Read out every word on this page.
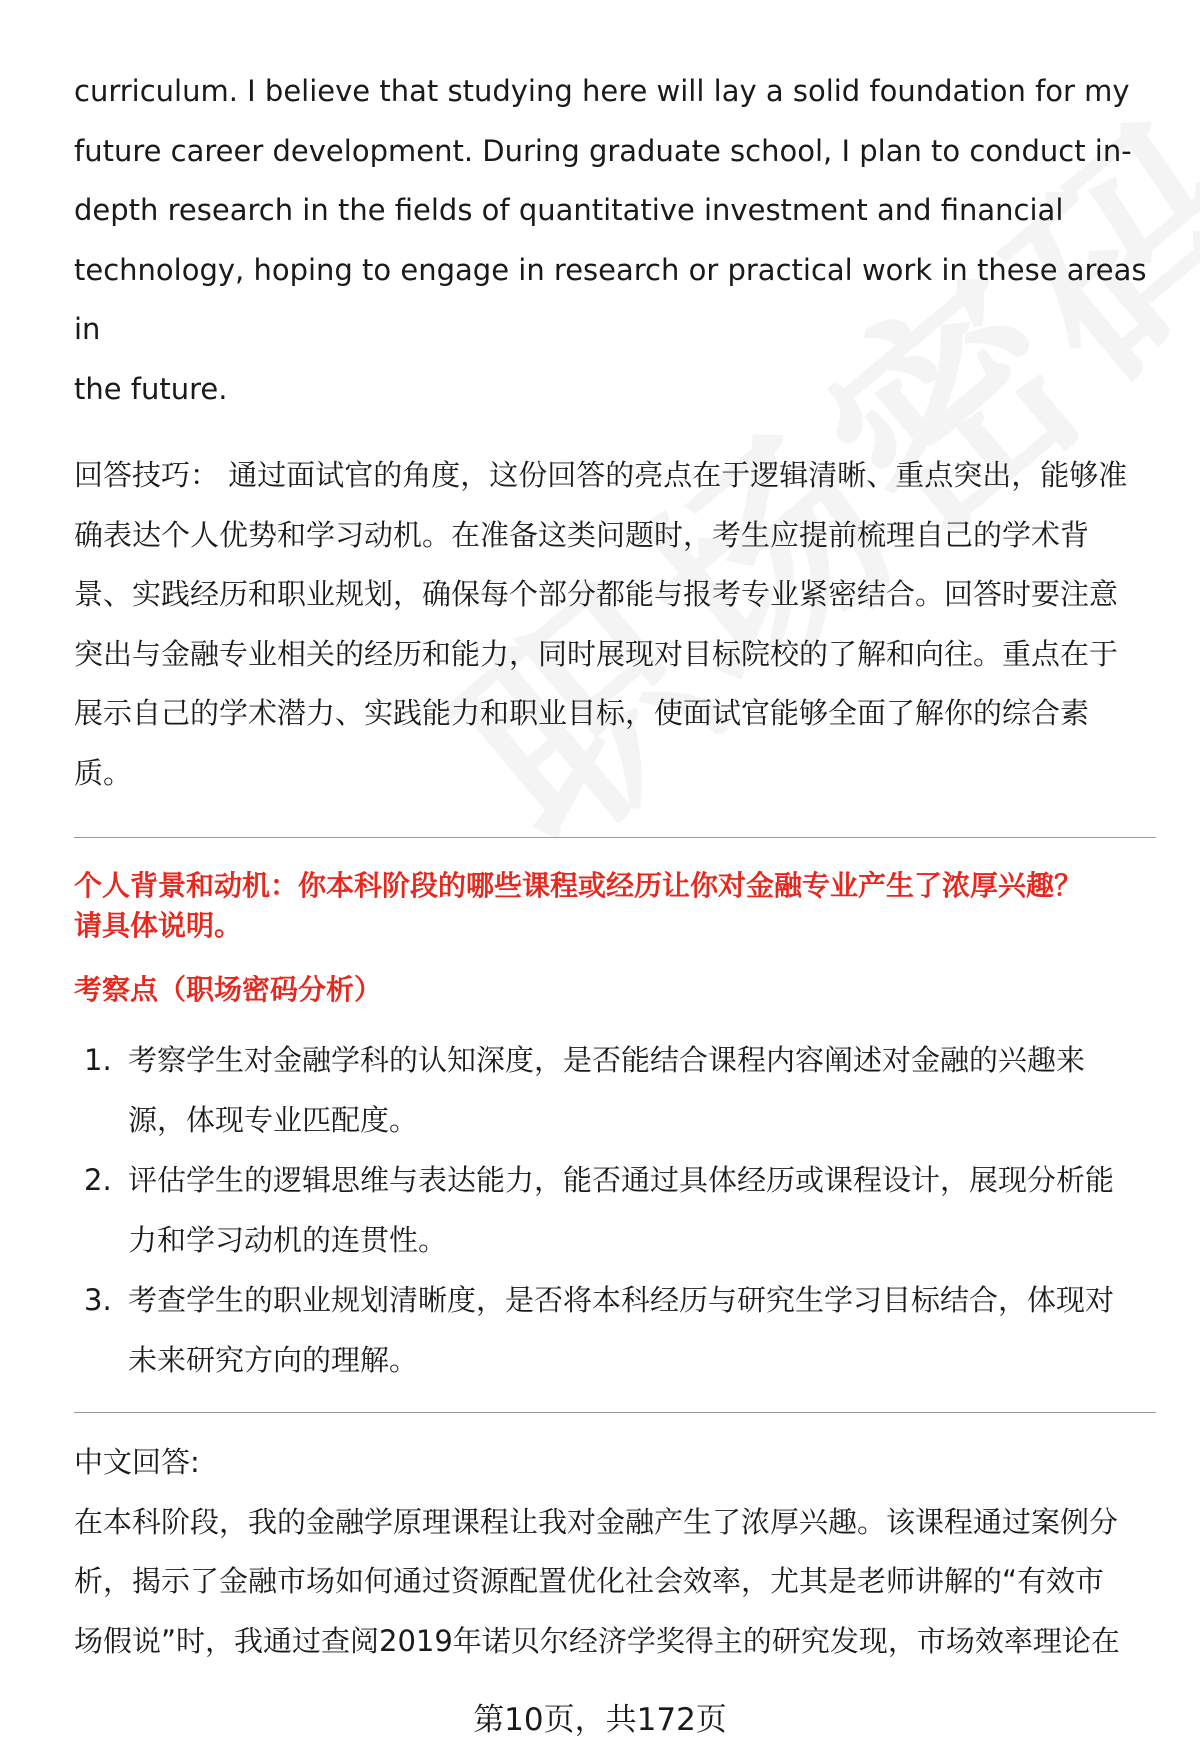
curriculum. I believe that studying here will lay a solid foundation for my

future career development. During graduate school, I plan to conduct in-

depth research in the fields of quantitative investment and financial

technology, hoping to engage in research or practical work in these areas in

the future.

回答技巧： 通过面试官的角度，这份回答的亮点在于逻辑清晰、重点突出，能够准

确表达个人优势和学习动机。在准备这类问题时，考生应提前梳理自己的学术背

景、实践经历和职业规划，确保每个部分都能与报考专业紧密结合。回答时要注意

突出与金融专业相关的经历和能力，同时展现对目标院校的了解和向往。重点在于

展示自己的学术潜力、实践能力和职业目标，使面试官能够全面了解你的综合素

质。

个人背景和动机：你本科阶段的哪些课程或经历让你对金融专业产生了浓厚兴趣？

请具体说明。

考察点（职场密码分析）

1. 考察学生对金融学科的认知深度，是否能结合课程内容阐述对金融的兴趣来
源，体现专业匹配度。
2. 评估学生的逻辑思维与表达能力，能否通过具体经历或课程设计，展现分析能
力和学习动机的连贯性。
3. 考查学生的职业规划清晰度，是否将本科经历与研究生学习目标结合，体现对
未来研究方向的理解。

中文回答:

在本科阶段，我的金融学原理课程让我对金融产生了浓厚兴趣。该课程通过案例分

析，揭示了金融市场如何通过资源配置优化社会效率，尤其是老师讲解的“有效市

场假说”时，我通过查阅2019年诺贝尔经济学奖得主的研究发现，市场效率理论在

第10页，共172页
